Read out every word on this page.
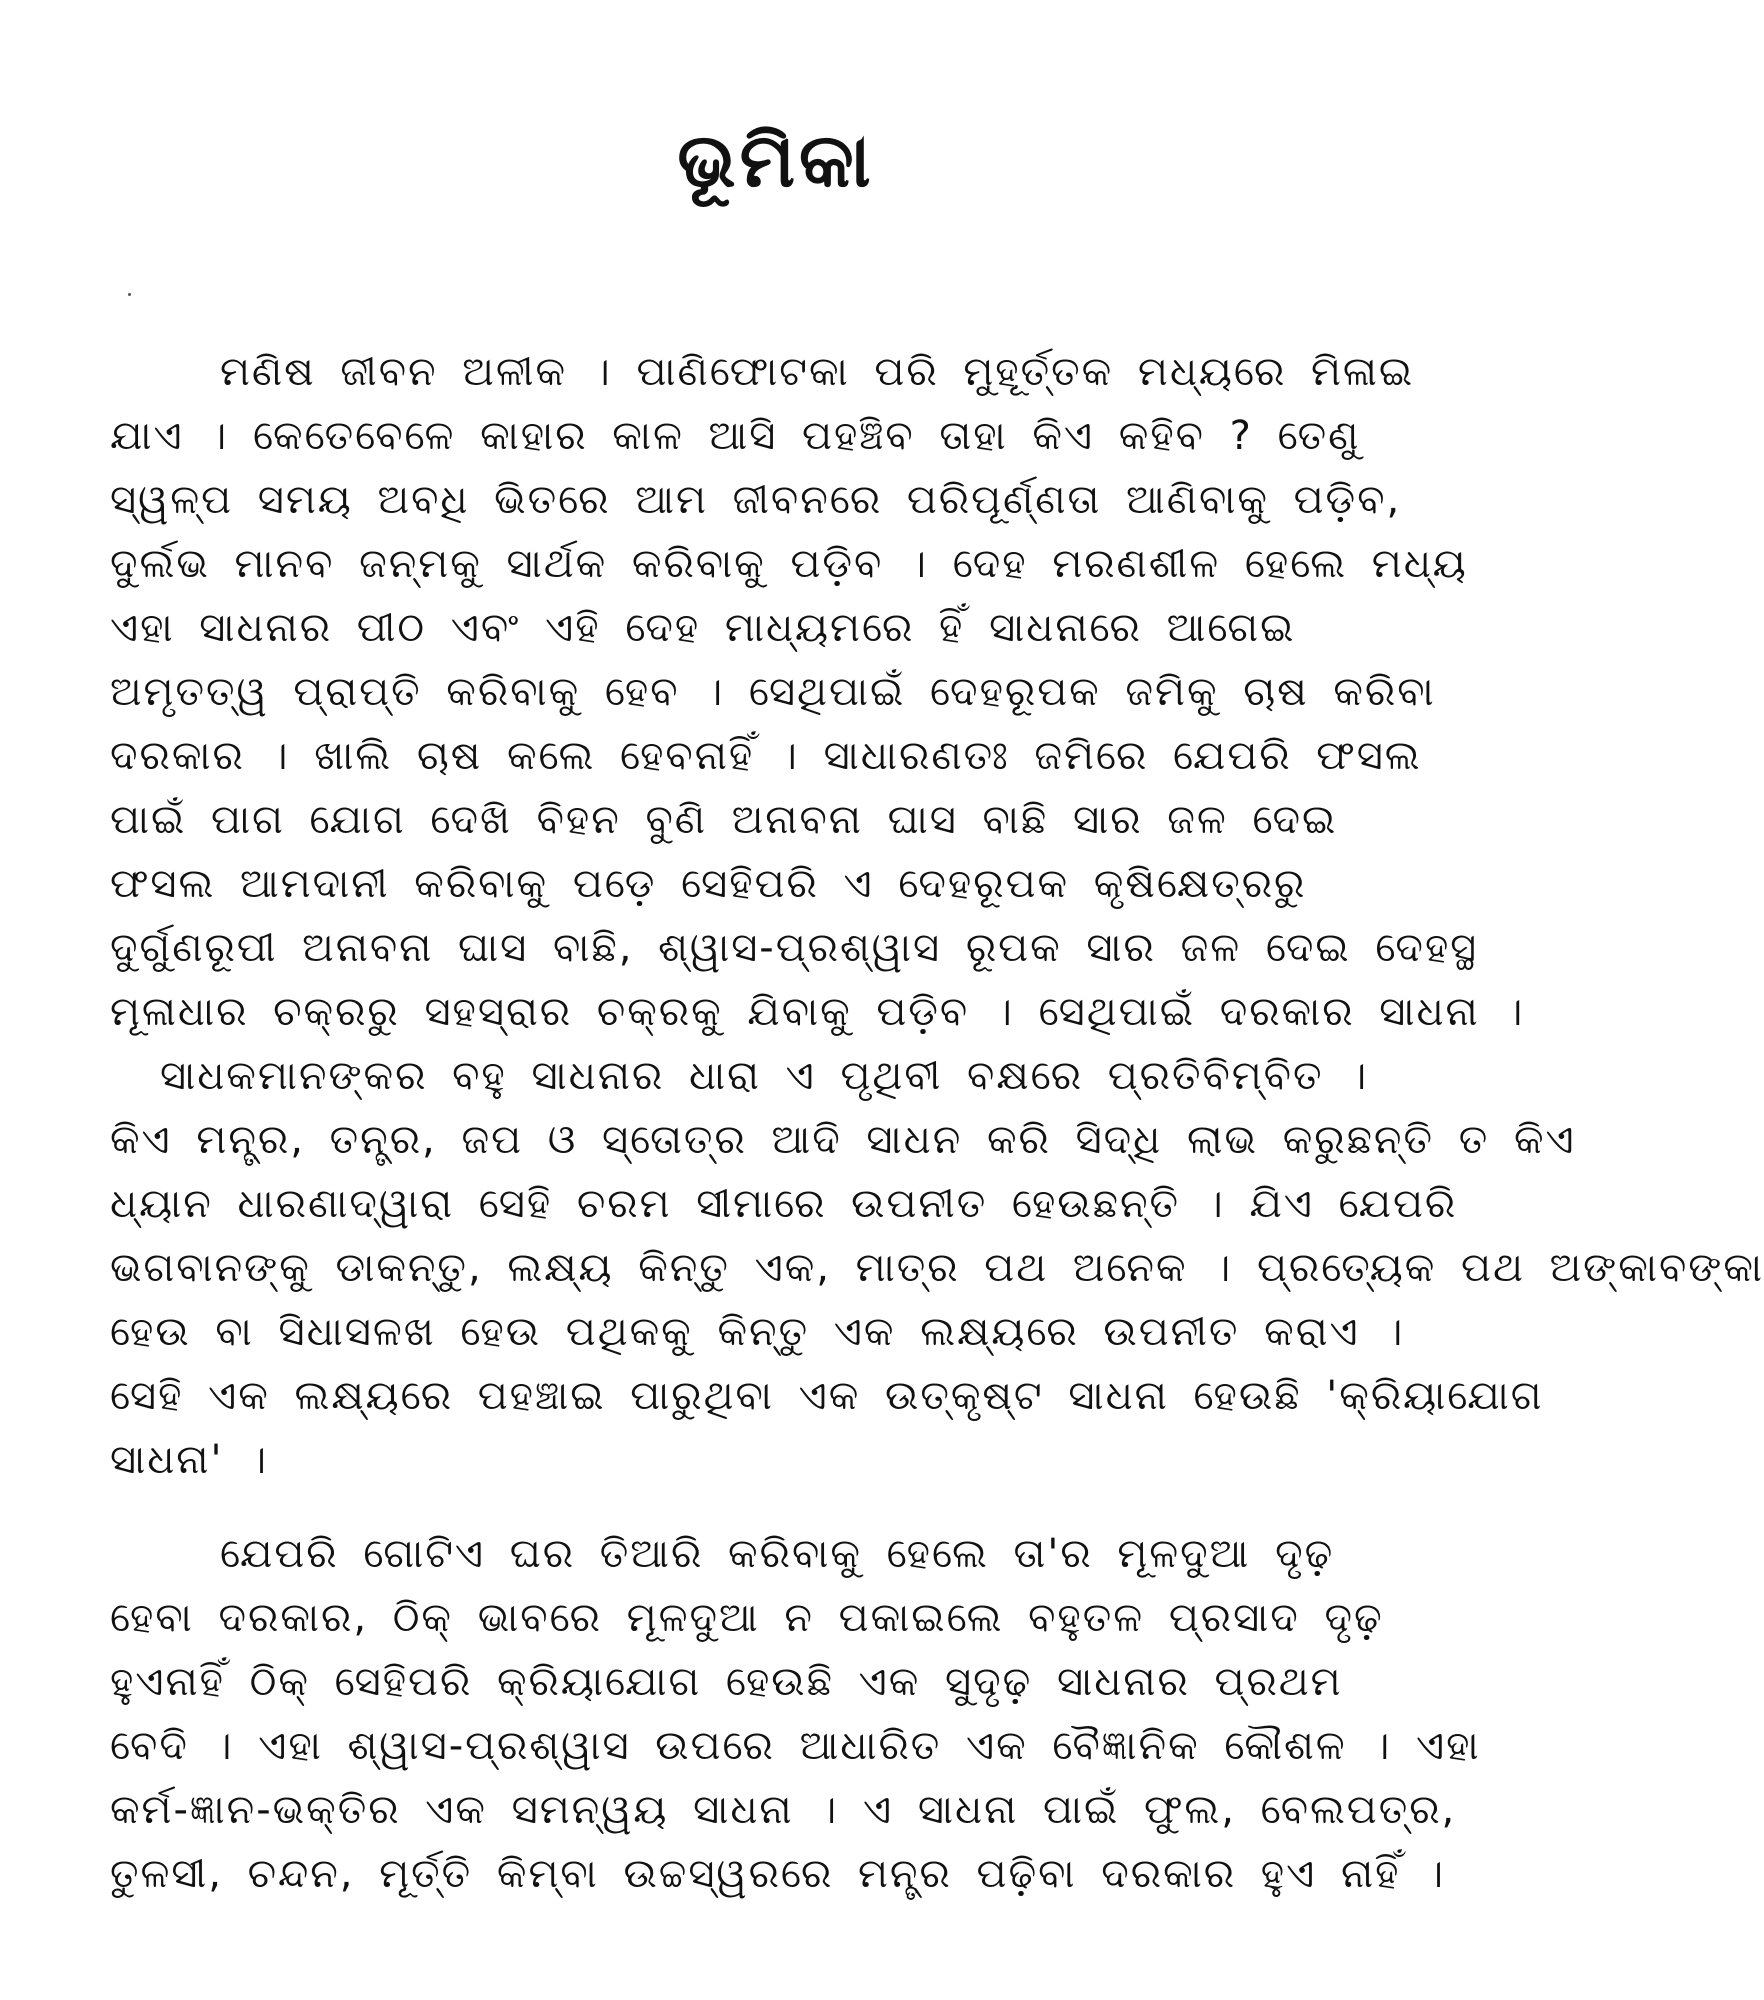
ଭୂମିକା
ମଣିଷ ଜୀବନ ଅଳୀକ । ପାଣିଫୋଟକା ପରି ମୁହୂର୍ତ୍ତକ ମଧ୍ୟରେ ମିଳାଇ
ଯାଏ । କେତେବେଳେ କାହାର କାଳ ଆସି ପହଞ୍ଚିବ ତାହା କିଏ କହିବ ? ତେଣୁ
ସ୍ୱଳ୍ପ ସମୟ ଅବଧି ଭିତରେ ଆମ ଜୀବନରେ ପରିପୂର୍ଣ୍ଣତା ଆଣିବାକୁ ପଡ଼ିବ,
ଦୁର୍ଲଭ ମାନବ ଜନ୍ମକୁ ସାର୍ଥକ କରିବାକୁ ପଡ଼ିବ । ଦେହ ମରଣଶୀଳ ହେଲେ ମଧ୍ୟ
ଏହା ସାଧନାର ପୀଠ ଏବଂ ଏହି ଦେହ ମାଧ୍ୟମରେ ହିଁ ସାଧନାରେ ଆଗେଇ
ଅମୃତତ୍ୱ ପ୍ରାପ୍ତି କରିବାକୁ ହେବ । ସେଥିପାଇଁ ଦେହରୂପକ ଜମିକୁ ଚାଷ କରିବା
ଦରକାର । ଖାଲି ଚାଷ କଲେ ହେବନାହିଁ । ସାଧାରଣତଃ ଜମିରେ ଯେପରି ଫସଲ
ପାଇଁ ପାଗ ଯୋଗ ଦେଖି ବିହନ ବୁଣି ଅନାବନା ଘାସ ବାଛି ସାର ଜଳ ଦେଇ
ଫସଲ ଆମଦାନୀ କରିବାକୁ ପଡ଼େ ସେହିପରି ଏ ଦେହରୂପକ କୃଷିକ୍ଷେତ୍ରରୁ
ଦୁର୍ଗୁଣରୂପୀ ଅନାବନା ଘାସ ବାଛି, ଶ୍ୱାସ-ପ୍ରଶ୍ୱାସ ରୂପକ ସାର ଜଳ ଦେଇ ଦେହସ୍ଥ
ମୂଳାଧାର ଚକ୍ରରୁ ସହସ୍ରାର ଚକ୍ରକୁ ଯିବାକୁ ପଡ଼ିବ । ସେଥିପାଇଁ ଦରକାର ସାଧନା ।
ସାଧକମାନଙ୍କର ବହୁ ସାଧନାର ଧାରା ଏ ପୃଥିବୀ ବକ୍ଷରେ ପ୍ରତିବିମ୍ବିତ ।
କିଏ ମନ୍ତ୍ର, ତନ୍ତ୍ର, ଜପ ଓ ସ୍ତୋତ୍ର ଆଦି ସାଧନ କରି ସିଦ୍ଧି ଲାଭ କରୁଛନ୍ତି ତ କିଏ
ଧ୍ୟାନ ଧାରଣାଦ୍ୱାରା ସେହି ଚରମ ସୀମାରେ ଉପନୀତ ହେଉଛନ୍ତି । ଯିଏ ଯେପରି
ଭଗବାନଙ୍କୁ ଡାକନ୍ତୁ, ଲକ୍ଷ୍ୟ କିନ୍ତୁ ଏକ, ମାତ୍ର ପଥ ଅନେକ । ପ୍ରତ୍ୟେକ ପଥ ଅଙ୍କାବଙ୍କା
ହେଉ ବା ସିଧାସଳଖ ହେଉ ପଥିକକୁ କିନ୍ତୁ ଏକ ଲକ୍ଷ୍ୟରେ ଉପନୀତ କରାଏ ।
ସେହି ଏକ ଲକ୍ଷ୍ୟରେ ପହଞ୍ଚାଇ ପାରୁଥିବା ଏକ ଉତ୍କୃଷ୍ଟ ସାଧନା ହେଉଛି 'କ୍ରିୟାଯୋଗ
ସାଧନା' ।
ଯେପରି ଗୋଟିଏ ଘର ତିଆରି କରିବାକୁ ହେଲେ ତା'ର ମୂଳଦୁଆ ଦୃଢ଼
ହେବା ଦରକାର, ଠିକ୍ ଭାବରେ ମୂଳଦୁଆ ନ ପକାଇଲେ ବହୁତଳ ପ୍ରସାଦ ଦୃଢ଼
ହୁଏନାହିଁ ଠିକ୍ ସେହିପରି କ୍ରିୟାଯୋଗ ହେଉଛି ଏକ ସୁଦୃଢ଼ ସାଧନାର ପ୍ରଥମ
ବେଦି । ଏହା ଶ୍ୱାସ-ପ୍ରଶ୍ୱାସ ଉପରେ ଆଧାରିତ ଏକ ବୈଜ୍ଞାନିକ କୌଶଳ । ଏହା
କର୍ମ-ଜ୍ଞାନ-ଭକ୍ତିର ଏକ ସମନ୍ୱୟ ସାଧନା । ଏ ସାଧନା ପାଇଁ ଫୁଲ, ବେଲପତ୍ର,
ତୁଳସୀ, ଚନ୍ଦନ, ମୂର୍ତ୍ତି କିମ୍ବା ଉଚ୍ଚସ୍ୱରରେ ମନ୍ତ୍ର ପଢ଼ିବା ଦରକାର ହୁଏ ନାହିଁ ।
